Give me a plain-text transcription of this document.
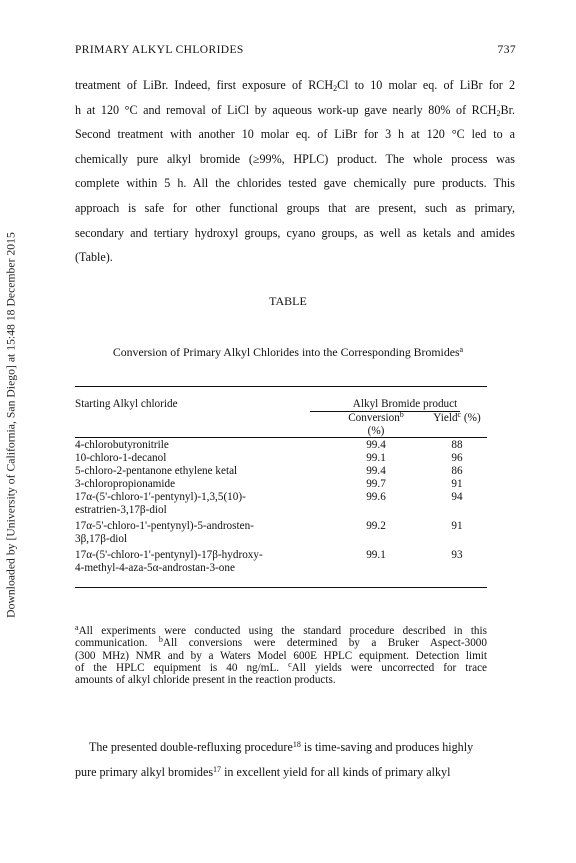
Downloaded by [University of California, San Diego] at 15:48 18 December 2015
PRIMARY ALKYL CHLORIDES	737
treatment of LiBr. Indeed, first exposure of $RCH_2Cl$ to 10 molar eq. of LiBr for 2
h at 120 °C and removal of LiCl by aqueous work-up gave nearly 80% of $RCH_2Br$.
Second treatment with another 10 molar eq. of LiBr for 3 h at 120 °C led to a
chemically pure alkyl bromide (≥99%, HPLC) product. The whole process was
complete within 5 h. All the chlorides tested gave chemically pure products. This
approach is safe for other functional groups that are present, such as primary,
secondary and tertiary hydroxyl groups, cyano groups, as well as ketals and amides
(Table).
TABLE
Conversion of Primary Alkyl Chlorides into the Corresponding Bromides$^a$
Starting Alkyl chloride	Alkyl Bromide product
Conversion$^b$	Yield$^c$ (%)
(%)
4-chlorobutyronitrile	99.4	88
10-chloro-1-decanol	99.1	96
5-chloro-2-pentanone ethylene ketal	99.4	86
3-chloropropionamide	99.7	91
17α-(5'-chloro-1'-pentynyl)-1,3,5(10)-	99.6	94
estratrien-3,17β-diol
17α-5'-chloro-1'-pentynyl)-5-androsten-	99.2	91
3β,17β-diol
17α-(5'-chloro-1'-pentynyl)-17β-hydroxy-	99.1	93
4-methyl-4-aza-5α-androstan-3-one
$^a$All experiments were conducted using the standard procedure described in this
communication. $^b$All conversions were determined by a Bruker Aspect-3000
(300 MHz) NMR and by a Waters Model 600E HPLC equipment. Detection limit
of the HPLC equipment is 40 ng/mL. $^c$All yields were uncorrected for trace
amounts of alkyl chloride present in the reaction products.
The presented double-refluxing procedure$^{18}$ is time-saving and produces highly
pure primary alkyl bromides$^{17}$ in excellent yield for all kinds of primary alkyl
